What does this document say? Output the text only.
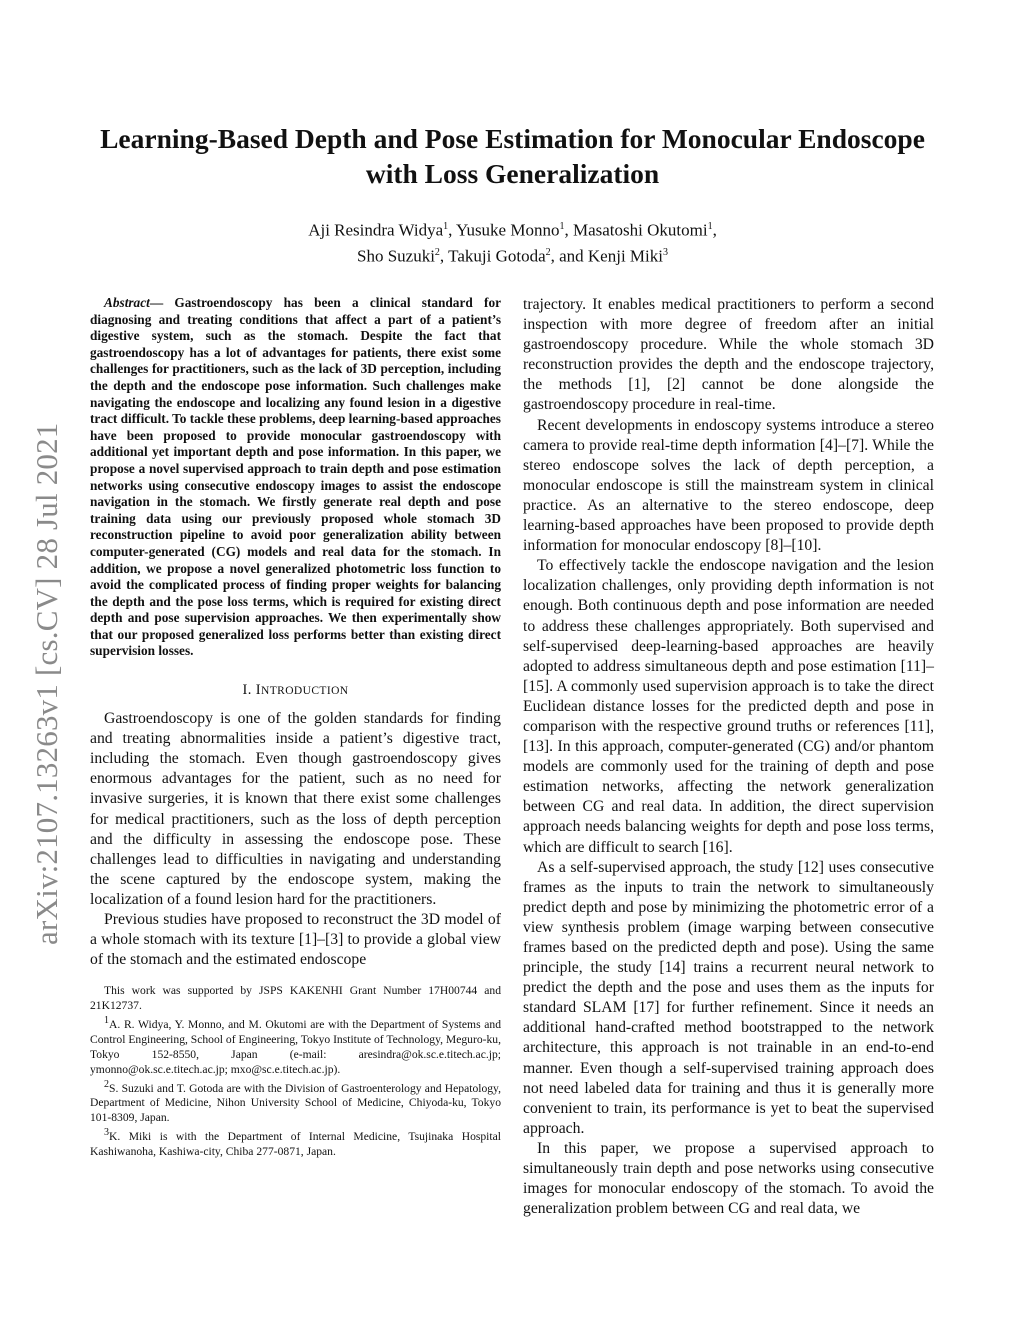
arXiv:2107.13263v1 [cs.CV] 28 Jul 2021
Learning-Based Depth and Pose Estimation for Monocular Endoscope
with Loss Generalization
Aji Resindra Widya$^1$, Yusuke Monno$^1$, Masatoshi Okutomi$^1$,
Sho Suzuki$^2$, Takuji Gotoda$^2$, and Kenji Miki$^3$

Abstract— Gastroendoscopy has been a clinical standard for diagnosing and treating conditions that affect a part of a patient’s digestive system, such as the stomach. Despite the fact that gastroendoscopy has a lot of advantages for patients, there exist some challenges for practitioners, such as the lack of 3D perception, including the depth and the endoscope pose information. Such challenges make navigating the endoscope and localizing any found lesion in a digestive tract difficult. To tackle these problems, deep learning-based approaches have been proposed to provide monocular gastroendoscopy with additional yet important depth and pose information. In this paper, we propose a novel supervised approach to train depth and pose estimation networks using consecutive endoscopy images to assist the endoscope navigation in the stomach. We firstly generate real depth and pose training data using our previously proposed whole stomach 3D reconstruction pipeline to avoid poor generalization ability between computer-generated (CG) models and real data for the stomach. In addition, we propose a novel generalized photometric loss function to avoid the complicated process of finding proper weights for balancing the depth and the pose loss terms, which is required for existing direct depth and pose supervision approaches. We then experimentally show that our proposed generalized loss performs better than existing direct supervision losses.

I. INTRODUCTION

Gastroendoscopy is one of the golden standards for finding and treating abnormalities inside a patient’s digestive tract, including the stomach. Even though gastroendoscopy gives enormous advantages for the patient, such as no need for invasive surgeries, it is known that there exist some challenges for medical practitioners, such as the loss of depth perception and the difficulty in assessing the endoscope pose. These challenges lead to difficulties in navigating and understanding the scene captured by the endoscope system, making the localization of a found lesion hard for the practitioners.

Previous studies have proposed to reconstruct the 3D model of a whole stomach with its texture [1]–[3] to provide a global view of the stomach and the estimated endoscope

This work was supported by JSPS KAKENHI Grant Number 17H00744 and 21K12737.

$^1$A. R. Widya, Y. Monno, and M. Okutomi are with the Department of Systems and Control Engineering, School of Engineering, Tokyo Institute of Technology, Meguro-ku, Tokyo 152-8550, Japan (e-mail: aresindra@ok.sc.e.titech.ac.jp; ymonno@ok.sc.e.titech.ac.jp; mxo@sc.e.titech.ac.jp).

$^2$S. Suzuki and T. Gotoda are with the Division of Gastroenterology and Hepatology, Department of Medicine, Nihon University School of Medicine, Chiyoda-ku, Tokyo 101-8309, Japan.

$^3$K. Miki is with the Department of Internal Medicine, Tsujinaka Hospital Kashiwanoha, Kashiwa-city, Chiba 277-0871, Japan.

trajectory. It enables medical practitioners to perform a second inspection with more degree of freedom after an initial gastroendoscopy procedure. While the whole stomach 3D reconstruction provides the depth and the endoscope trajectory, the methods [1], [2] cannot be done alongside the gastroendoscopy procedure in real-time.

Recent developments in endoscopy systems introduce a stereo camera to provide real-time depth information [4]–[7]. While the stereo endoscope solves the lack of depth perception, a monocular endoscope is still the mainstream system in clinical practice. As an alternative to the stereo endoscope, deep learning-based approaches have been proposed to provide depth information for monocular endoscopy [8]–[10].

To effectively tackle the endoscope navigation and the lesion localization challenges, only providing depth information is not enough. Both continuous depth and pose information are needed to address these challenges appropriately. Both supervised and self-supervised deep-learning-based approaches are heavily adopted to address simultaneous depth and pose estimation [11]–[15]. A commonly used supervision approach is to take the direct Euclidean distance losses for the predicted depth and pose in comparison with the respective ground truths or references [11], [13]. In this approach, computer-generated (CG) and/or phantom models are commonly used for the training of depth and pose estimation networks, affecting the network generalization between CG and real data. In addition, the direct supervision approach needs balancing weights for depth and pose loss terms, which are difficult to search [16].

As a self-supervised approach, the study [12] uses consecutive frames as the inputs to train the network to simultaneously predict depth and pose by minimizing the photometric error of a view synthesis problem (image warping between consecutive frames based on the predicted depth and pose). Using the same principle, the study [14] trains a recurrent neural network to predict the depth and the pose and uses them as the inputs for standard SLAM [17] for further refinement. Since it needs an additional hand-crafted method bootstrapped to the network architecture, this approach is not trainable in an end-to-end manner. Even though a self-supervised training approach does not need labeled data for training and thus it is generally more convenient to train, its performance is yet to beat the supervised approach.

In this paper, we propose a supervised approach to simultaneously train depth and pose networks using consecutive images for monocular endoscopy of the stomach. To avoid the generalization problem between CG and real data, we
